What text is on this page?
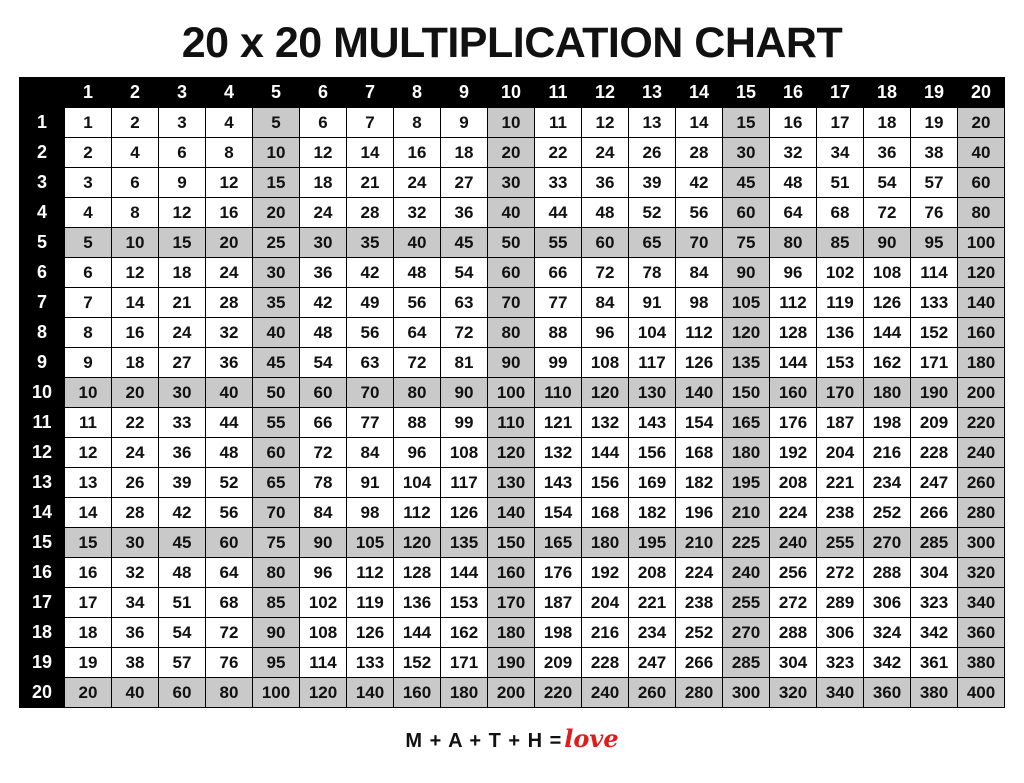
20 x 20 MULTIPLICATION CHART
	1	2	3	4	5	6	7	8	9	10	11	12	13	14	15	16	17	18	19	20
1	1	2	3	4	5	6	7	8	9	10	11	12	13	14	15	16	17	18	19	20
2	2	4	6	8	10	12	14	16	18	20	22	24	26	28	30	32	34	36	38	40
3	3	6	9	12	15	18	21	24	27	30	33	36	39	42	45	48	51	54	57	60
4	4	8	12	16	20	24	28	32	36	40	44	48	52	56	60	64	68	72	76	80
5	5	10	15	20	25	30	35	40	45	50	55	60	65	70	75	80	85	90	95	100
6	6	12	18	24	30	36	42	48	54	60	66	72	78	84	90	96	102	108	114	120
7	7	14	21	28	35	42	49	56	63	70	77	84	91	98	105	112	119	126	133	140
8	8	16	24	32	40	48	56	64	72	80	88	96	104	112	120	128	136	144	152	160
9	9	18	27	36	45	54	63	72	81	90	99	108	117	126	135	144	153	162	171	180
10	10	20	30	40	50	60	70	80	90	100	110	120	130	140	150	160	170	180	190	200
11	11	22	33	44	55	66	77	88	99	110	121	132	143	154	165	176	187	198	209	220
12	12	24	36	48	60	72	84	96	108	120	132	144	156	168	180	192	204	216	228	240
13	13	26	39	52	65	78	91	104	117	130	143	156	169	182	195	208	221	234	247	260
14	14	28	42	56	70	84	98	112	126	140	154	168	182	196	210	224	238	252	266	280
15	15	30	45	60	75	90	105	120	135	150	165	180	195	210	225	240	255	270	285	300
16	16	32	48	64	80	96	112	128	144	160	176	192	208	224	240	256	272	288	304	320
17	17	34	51	68	85	102	119	136	153	170	187	204	221	238	255	272	289	306	323	340
18	18	36	54	72	90	108	126	144	162	180	198	216	234	252	270	288	306	324	342	360
19	19	38	57	76	95	114	133	152	171	190	209	228	247	266	285	304	323	342	361	380
20	20	40	60	80	100	120	140	160	180	200	220	240	260	280	300	320	340	360	380	400
M + A + T + H =love
